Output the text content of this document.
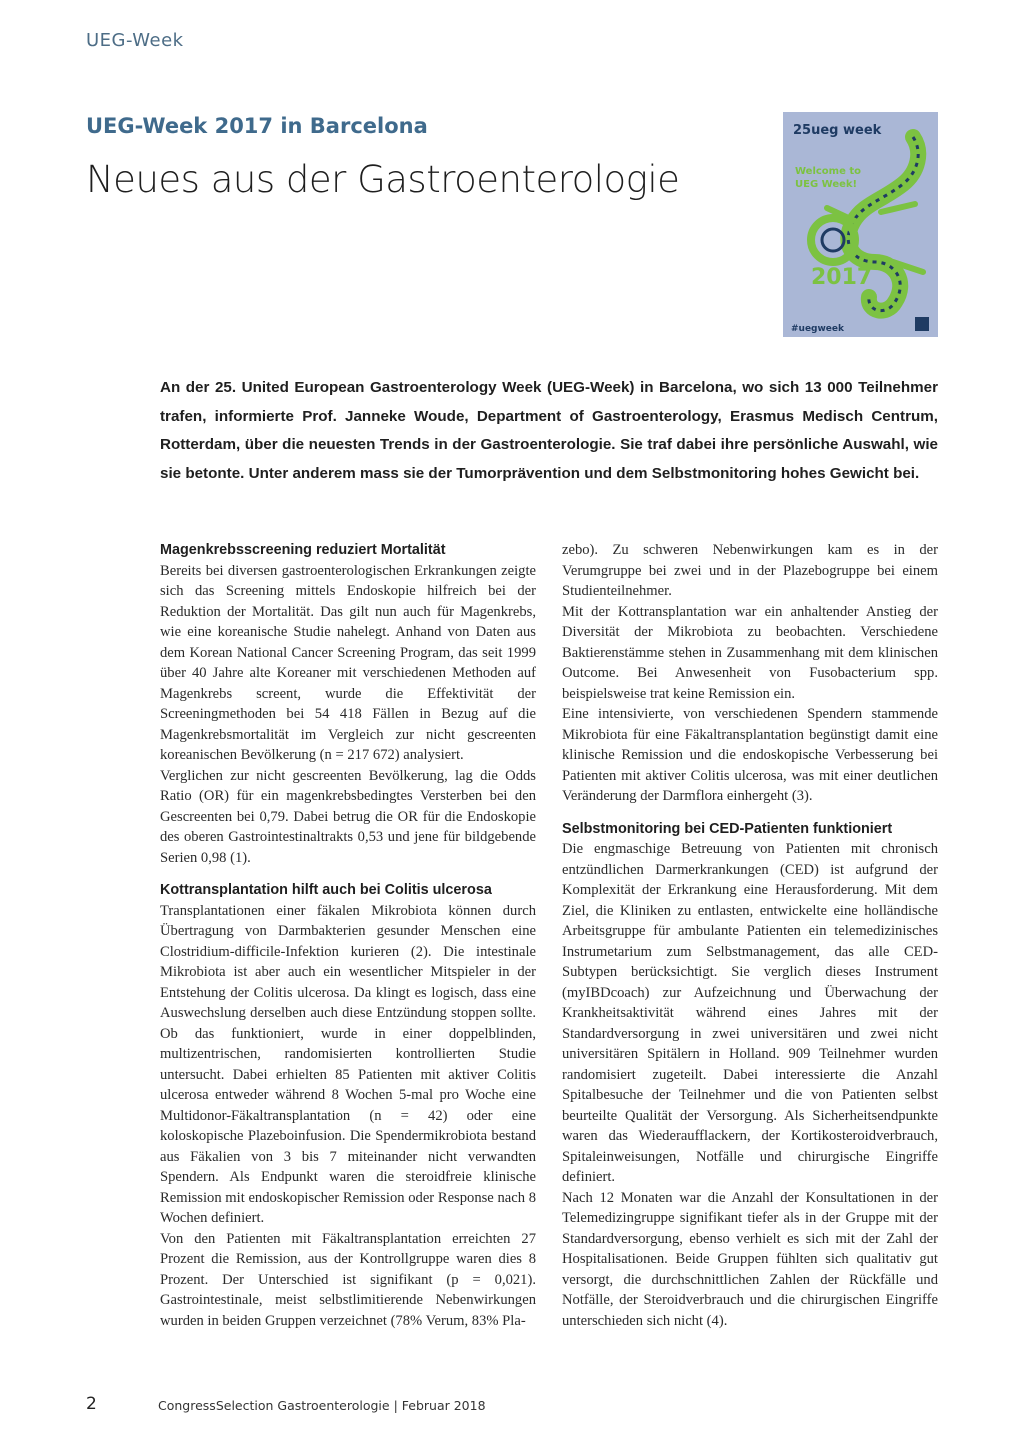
UEG-Week
UEG-Week 2017 in Barcelona
Neues aus der Gastroenterologie
25ueg week
Welcome to
UEG Week!
2017
#uegweek

An der 25. United European Gastroenterology Week (UEG-Week) in Barcelona, wo sich 13 000 Teilnehmer trafen, informierte Prof. Janneke Woude, Department of Gastroenterology, Erasmus Medisch Centrum, Rotterdam, über die neuesten Trends in der Gastroenterologie. Sie traf dabei ihre persönliche Auswahl, wie sie betonte. Unter anderem mass sie der Tumorprävention und dem Selbstmonitoring hohes Gewicht bei.

Magenkrebsscreening reduziert Mortalität

Bereits bei diversen gastroenterologischen Erkrankungen zeigte sich das Screening mittels Endoskopie hilfreich bei der Reduktion der Mortalität. Das gilt nun auch für Magenkrebs, wie eine koreanische Studie nahelegt. Anhand von Daten aus dem Korean National Cancer Screening Program, das seit 1999 über 40 Jahre alte Koreaner mit verschiedenen Methoden auf Magenkrebs screent, wurde die Effektivität der Screeningmethoden bei 54 418 Fällen in Bezug auf die Magenkrebsmortalität im Vergleich zur nicht gescreenten koreanischen Bevölkerung (n = 217 672) analysiert.

Verglichen zur nicht gescreenten Bevölkerung, lag die Odds Ratio (OR) für ein magenkrebsbedingtes Versterben bei den Gescreenten bei 0,79. Dabei betrug die OR für die Endoskopie des oberen Gastrointestinaltrakts 0,53 und jene für bildgebende Serien 0,98 (1).

Kottransplantation hilft auch bei Colitis ulcerosa

Transplantationen einer fäkalen Mikrobiota können durch Übertragung von Darmbakterien gesunder Menschen eine Clostridium-difficile-Infektion kurieren (2). Die intestinale Mikrobiota ist aber auch ein wesentlicher Mitspieler in der Entstehung der Colitis ulcerosa. Da klingt es logisch, dass eine Auswechslung derselben auch diese Entzündung stoppen sollte. Ob das funktioniert, wurde in einer doppelblinden, multizentrischen, randomisierten kontrollierten Studie untersucht. Dabei erhielten 85 Patienten mit aktiver Colitis ulcerosa entweder während 8 Wochen 5-mal pro Woche eine Multidonor-Fäkaltransplantation (n = 42) oder eine koloskopische Plazeboinfusion. Die Spendermikrobiota bestand aus Fäkalien von 3 bis 7 miteinander nicht verwandten Spendern. Als Endpunkt waren die steroidfreie klinische Remission mit endoskopischer Remission oder Response nach 8 Wochen definiert.

Von den Patienten mit Fäkaltransplantation erreichten 27 Prozent die Remission, aus der Kontrollgruppe waren dies 8 Prozent. Der Unterschied ist signifikant (p = 0,021). Gastrointestinale, meist selbstlimitierende Nebenwirkungen wurden in beiden Gruppen verzeichnet (78% Verum, 83% Pla-

zebo). Zu schweren Nebenwirkungen kam es in der Verumgruppe bei zwei und in der Plazebogruppe bei einem Studienteilnehmer.

Mit der Kottransplantation war ein anhaltender Anstieg der Diversität der Mikrobiota zu beobachten. Verschiedene Baktierenstämme stehen in Zusammenhang mit dem klinischen Outcome. Bei Anwesenheit von Fusobacterium spp. beispielsweise trat keine Remission ein.

Eine intensivierte, von verschiedenen Spendern stammende Mikrobiota für eine Fäkaltransplantation begünstigt damit eine klinische Remission und die endoskopische Verbesserung bei Patienten mit aktiver Colitis ulcerosa, was mit einer deutlichen Veränderung der Darmflora einhergeht (3).

Selbstmonitoring bei CED-Patienten funktioniert

Die engmaschige Betreuung von Patienten mit chronisch entzündlichen Darmerkrankungen (CED) ist aufgrund der Komplexität der Erkrankung eine Herausforderung. Mit dem Ziel, die Kliniken zu entlasten, entwickelte eine holländische Arbeitsgruppe für ambulante Patienten ein telemedizinisches Instrumetarium zum Selbstmanagement, das alle CED-Subtypen berücksichtigt. Sie verglich dieses Instrument (myIBDcoach) zur Aufzeichnung und Überwachung der Krankheitsaktivität während eines Jahres mit der Standardversorgung in zwei universitären und zwei nicht universitären Spitälern in Holland. 909 Teilnehmer wurden randomisiert zugeteilt. Dabei interessierte die Anzahl Spitalbesuche der Teilnehmer und die von Patienten selbst beurteilte Qualität der Versorgung. Als Sicherheitsendpunkte waren das Wiederaufflackern, der Kortikosteroidverbrauch, Spitaleinweisungen, Notfälle und chirurgische Eingriffe definiert.

Nach 12 Monaten war die Anzahl der Konsultationen in der Telemedizingruppe signifikant tiefer als in der Gruppe mit der Standardversorgung, ebenso verhielt es sich mit der Zahl der Hospitalisationen. Beide Gruppen fühlten sich qualitativ gut versorgt, die durchschnittlichen Zahlen der Rückfälle und Notfälle, der Steroidverbrauch und die chirurgischen Eingriffe unterschieden sich nicht (4).

2	CongressSelection Gastroenterologie | Februar 2018
